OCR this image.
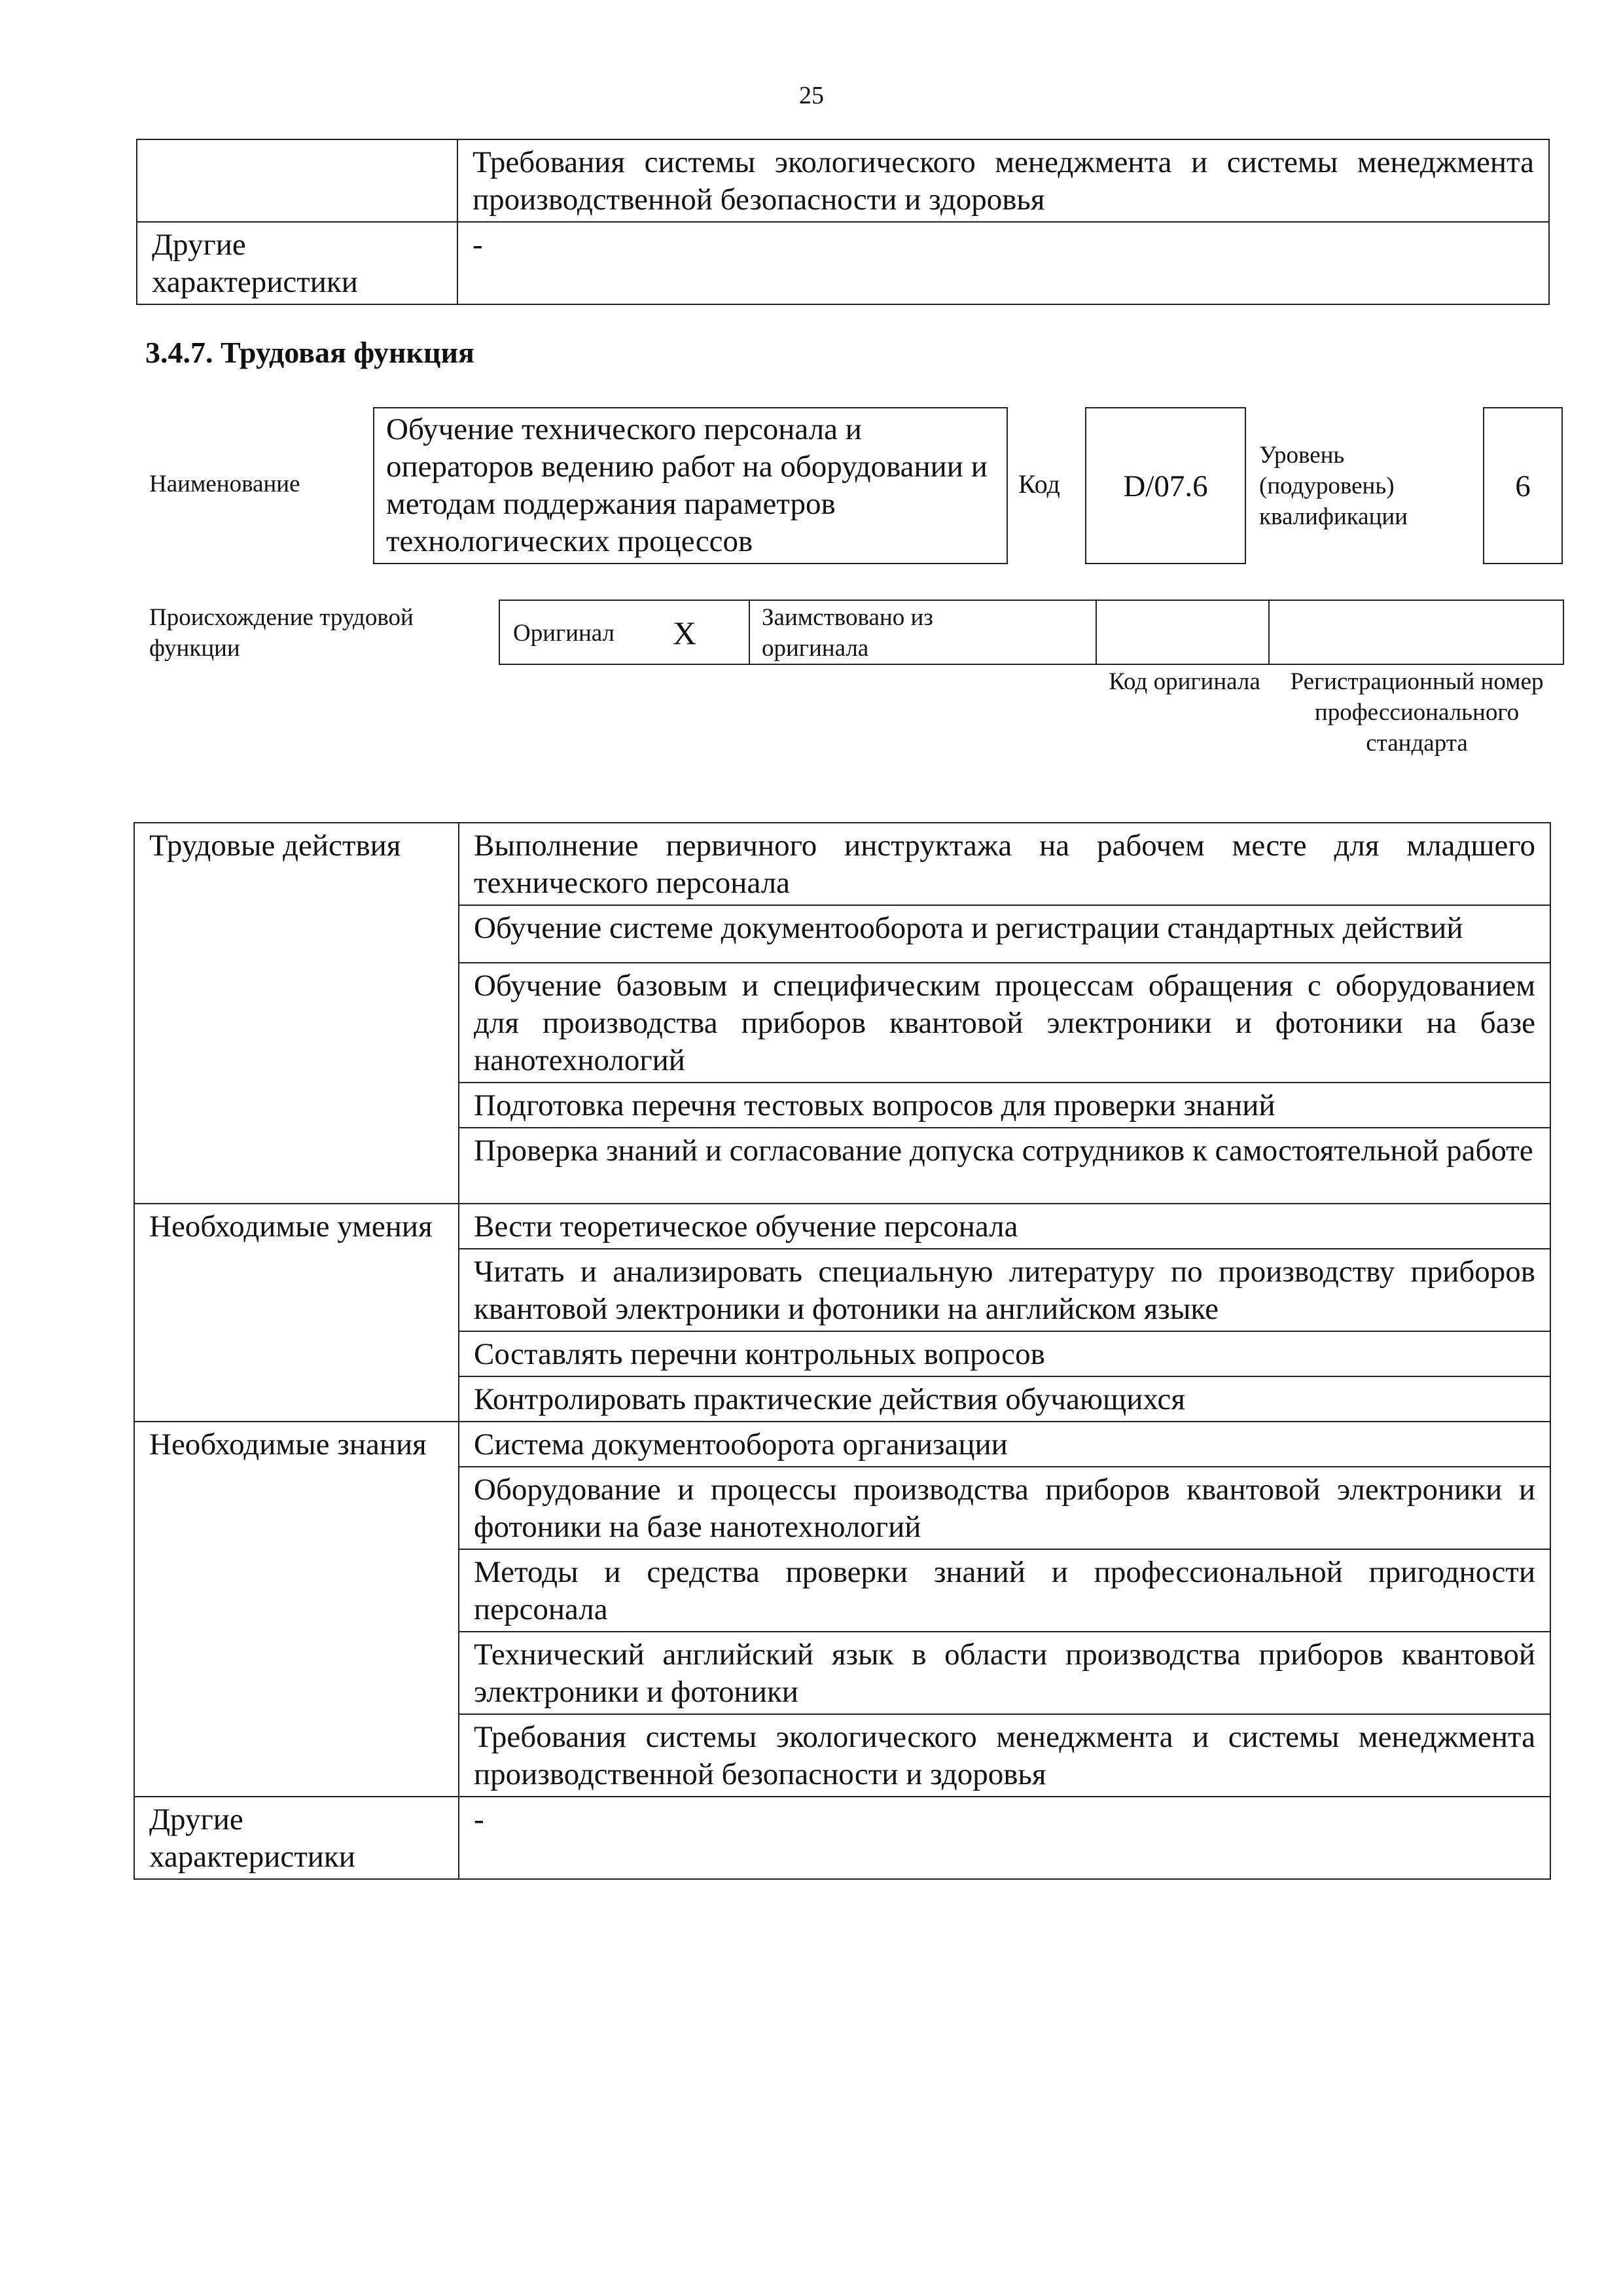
25
	Требования системы экологического менеджмента и системы менеджмента производственной безопасности и здоровья
Другие характеристики	-
3.4.7. Трудовая функция
Наименование
Обучение технического персонала и операторов ведению работ на оборудовании и методам поддержания параметров технологических процессов
Код	D/07.6
Уровень (подуровень) квалификации
6
Происхождение трудовой функции
Оригинал X	Заимствовано из оригинала
Код оригинала	Регистрационный номер профессионального стандарта
Трудовые действия	Выполнение первичного инструктажа на рабочем месте для младшего технического персонала
	Обучение системе документооборота и регистрации стандартных действий
	Обучение базовым и специфическим процессам обращения с оборудованием для производства приборов квантовой электроники и фотоники на базе нанотехнологий
	Подготовка перечня тестовых вопросов для проверки знаний
	Проверка знаний и согласование допуска сотрудников к самостоятельной работе
Необходимые умения	Вести теоретическое обучение персонала
	Читать и анализировать специальную литературу по производству приборов квантовой электроники и фотоники на английском языке
	Составлять перечни контрольных вопросов
	Контролировать практические действия обучающихся
Необходимые знания	Система документооборота организации
	Оборудование и процессы производства приборов квантовой электроники и фотоники на базе нанотехнологий
	Методы и средства проверки знаний и профессиональной пригодности персонала
	Технический английский язык в области производства приборов квантовой электроники и фотоники
	Требования системы экологического менеджмента и системы менеджмента производственной безопасности и здоровья
Другие характеристики	-
